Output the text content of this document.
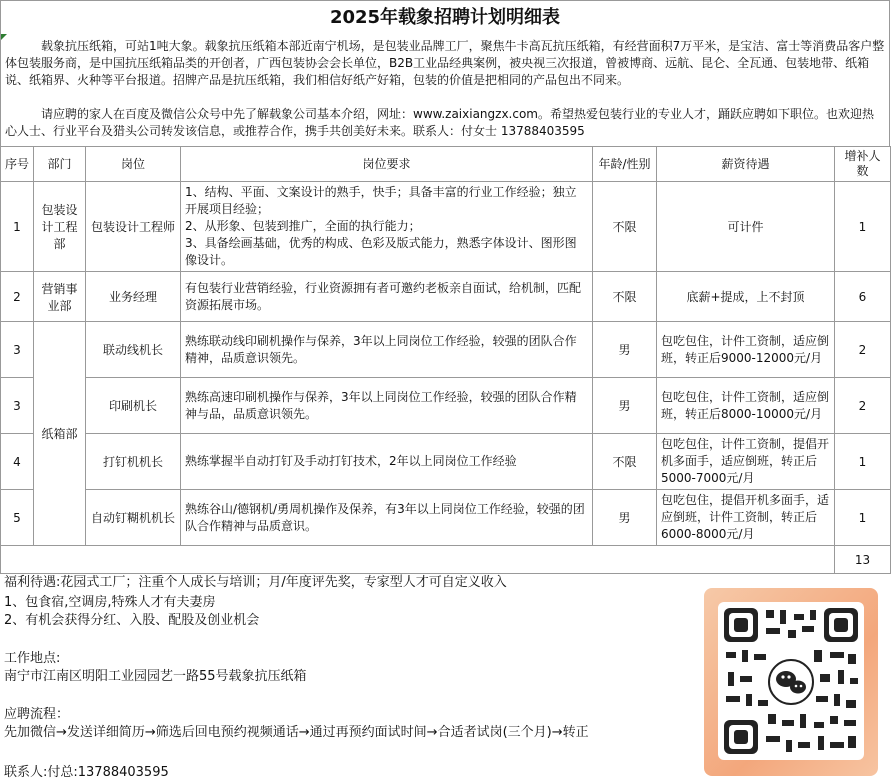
2025年载象招聘计划明细表

载象抗压纸箱，可站1吨大象。载象抗压纸箱本部近南宁机场，是包装业品牌工厂，聚焦牛卡高瓦抗压纸箱，有经营面积7万平米，是宝洁、富士等消费品客户整体包装服务商，是中国抗压纸箱品类的开创者，广西包装协会会长单位，B2B工业品经典案例，被央视三次报道，曾被博商、远航、昆仑、全瓦通、包装地带、纸箱说、纸箱界、火种等平台报道。招牌产品是抗压纸箱，我们相信好纸产好箱，包装的价值是把相同的产品包出不同来。

请应聘的家人在百度及微信公众号中先了解载象公司基本介绍，网址：www.zaixiangzx.com。希望热爱包装行业的专业人才，踊跃应聘如下职位。也欢迎热心人士、行业平台及猎头公司转发该信息，或推荐合作，携手共创美好未来。联系人：付女士 13788403595

序号	部门	岗位	岗位要求	年龄/性别	薪资待遇	增补人数
1	包装设计工程部	包装设计工程师	1、结构、平面、文案设计的熟手，快手；具备丰富的行业工作经验；独立开展项目经验；
2、从形象、包装到推广，全面的执行能力；
3、具备绘画基础，优秀的构成、色彩及版式能力，熟悉字体设计、图形图像设计。	不限	可计件	1
2	营销事业部	业务经理	有包装行业营销经验，行业资源拥有者可邀约老板亲自面试，给机制，匹配资源拓展市场。	不限	底薪+提成，上不封顶	6
3	纸箱部	联动线机长	熟练联动线印刷机操作与保养，3年以上同岗位工作经验，较强的团队合作精神，品质意识领先。	男	包吃包住，计件工资制，适应倒班，转正后9000-12000元/月	2
3		印刷机长	熟练高速印刷机操作与保养，3年以上同岗位工作经验，较强的团队合作精神与品，品质意识领先。	男	包吃包住，计件工资制，适应倒班，转正后8000-10000元/月	2
4		打钉机机长	熟练掌握半自动打钉及手动打钉技术，2年以上同岗位工作经验	不限	包吃包住，计件工资制，提倡开机多面手，适应倒班，转正后5000-7000元/月	1
5		自动钉糊机机长	熟练谷山/德钢机/勇周机操作及保养，有3年以上同岗位工作经验，较强的团队合作精神与品质意识。	男	包吃包住，提倡开机多面手，适应倒班，计件工资制，转正后6000-8000元/月	1
						13
福利待遇:花园式工厂；注重个人成长与培训；月/年度评先奖，专家型人才可自定义收入
1、包食宿,空调房,特殊人才有夫妻房
2、有机会获得分红、入股、配股及创业机会
工作地点:
南宁市江南区明阳工业园园艺一路55号载象抗压纸箱
应聘流程：
先加微信→发送详细简历→筛选后回电预约视频通话→通过再预约面试时间→合适者试岗(三个月)→转正
联系人:付总:13788403595
